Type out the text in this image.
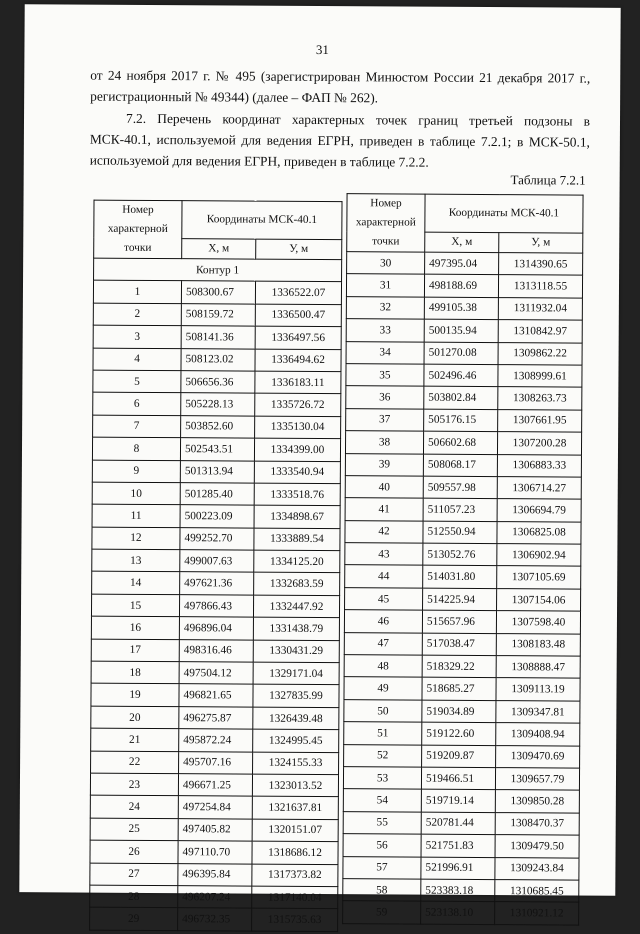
31
от 24 ноября 2017 г. № 495 (зарегистрирован Минюстом России 21 декабря 2017 г., регистрационный № 49344) (далее – ФАП № 262).
7.2. Перечень координат характерных точек границ третьей подзоны в МСК-40.1, используемой для ведения ЕГРН, приведен в таблице 7.2.1; в МСК-50.1, используемой для ведения ЕГРН, приведен в таблице 7.2.2.
Таблица 7.2.1
Номер характерной точки	Координаты МСК-40.1	
	X, м	У, м
Контур 1		
1	508300.67	1336522.07
2	508159.72	1336500.47
3	508141.36	1336497.56
4	508123.02	1336494.62
5	506656.36	1336183.11
6	505228.13	1335726.72
7	503852.60	1335130.04
8	502543.51	1334399.00
9	501313.94	1333540.94
10	501285.40	1333518.76
11	500223.09	1334898.67
12	499252.70	1333889.54
13	499007.63	1334125.20
14	497621.36	1332683.59
15	497866.43	1332447.92
16	496896.04	1331438.79
17	498316.46	1330431.29
18	497504.12	1329171.04
19	496821.65	1327835.99
20	496275.87	1326439.48
21	495872.24	1324995.45
22	495707.16	1324155.33
23	496671.25	1323013.52
24	497254.84	1321637.81
25	497405.82	1320151.07
26	497110.70	1318686.12
27	496395.84	1317373.82
28	496207.24	1317140.04
29	496732.35	1315735.63
Номер характерной точки	Координаты МСК-40.1	
	X, м	У, м
30	497395.04	1314390.65
31	498188.69	1313118.55
32	499105.38	1311932.04
33	500135.94	1310842.97
34	501270.08	1309862.22
35	502496.46	1308999.61
36	503802.84	1308263.73
37	505176.15	1307661.95
38	506602.68	1307200.28
39	508068.17	1306883.33
40	509557.98	1306714.27
41	511057.23	1306694.79
42	512550.94	1306825.08
43	513052.76	1306902.94
44	514031.80	1307105.69
45	514225.94	1307154.06
46	515657.96	1307598.40
47	517038.47	1308183.48
48	518329.22	1308888.47
49	518685.27	1309113.19
50	519034.89	1309347.81
51	519122.60	1309408.94
52	519209.87	1309470.69
53	519466.51	1309657.79
54	519719.14	1309850.28
55	520781.44	1308470.37
56	521751.83	1309479.50
57	521996.91	1309243.84
58	523383.18	1310685.45
59	523138.10	1310921.12
